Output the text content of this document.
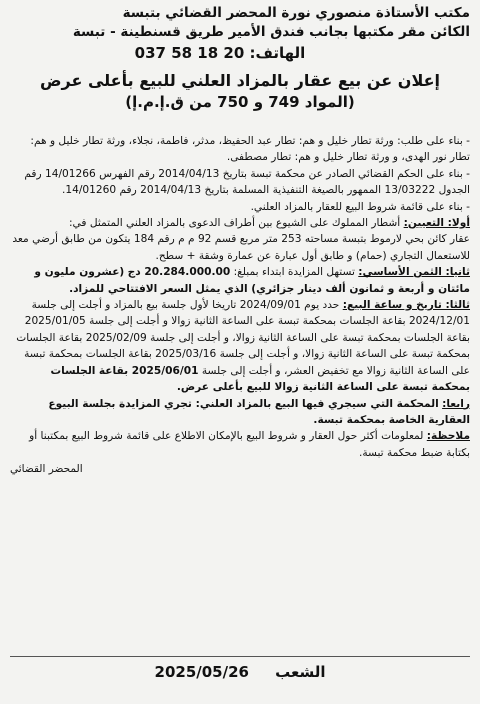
مكتب الأستاذة منصوري نورة المحضر القضائي بتبسة
الكائن مقر مكتبها بجانب فندق الأمير طريق قسنطينة - تبسة
الهاتف: 037 58 18 20
إعلان عن بيع عقار بالمزاد العلني للبيع بأعلى عرض
(المواد 749 و 750 من ق.إ.م.إ)

- بناء على طلب: ورثة تطار خليل و هم: تطار عبد الحفيظ، مدثر، فاطمة، نجلاء، ورثة تطار خليل و هم: تطار نور الهدى، و ورثة تطار خليل و هم: تطار مصطفى.

- بناء على الحكم القضائي الصادر عن محكمة تبسة بتاريخ 2014/04/13 رقم الفهرس 14/01266 رقم الجدول 13/03222 الممهور بالصيغة التنفيذية المسلمة بتاريخ 2014/04/13 رقم 14/01260.

- بناء على قائمة شروط البيع للعقار بالمزاد العلني.

أولا: التعيين: أشطار المملوك على الشيوع بين أطراف الدعوى بالمزاد العلني المتمثل في:

عقار كائن بحي لارموط بتبسة مساحته 253 متر مربع قسم 92 م م رقم 184 يتكون من طابق أرضي معد للاستعمال التجاري (حمام) و طابق أول عبارة عن عمارة وشقة + سطح.

ثانيا: الثمن الأساسي: تستهل المزايدة ابتداء بمبلغ: 20.284.000.00 دج (عشرون مليون و مائتان و أربعة و ثمانون ألف دينار جزائري) الذي يمثل السعر الافتتاحي للمزاد.

ثالثا: تاريخ و ساعة البيع: حدد يوم 2024/09/01 تاريخا لأول جلسة بيع بالمزاد و أجلت إلى جلسة 2024/12/01 بقاعة الجلسات بمحكمة تبسة على الساعة الثانية زوالا و أجلت إلى جلسة 2025/01/05 بقاعة الجلسات بمحكمة تبسة على الساعة الثانية زوالا، و أجلت إلى جلسة 2025/02/09 بقاعة الجلسات بمحكمة تبسة على الساعة الثانية زوالا، و أجلت إلى جلسة 2025/03/16 بقاعة الجلسات بمحكمة تبسة على الساعة الثانية زوالا مع تخفيض العشر، و أجلت إلى جلسة 2025/06/01 بقاعة الجلسات بمحكمة تبسة على الساعة الثانية زوالا للبيع بأعلى عرض.

رابعا: المحكمة التي سيجري فيها البيع بالمزاد العلني: تجري المزايدة بجلسة البيوع العقارية الخاصة بمحكمة تبسة.

ملاحظة: لمعلومات أكثر حول العقار و شروط البيع بالإمكان الاطلاع على قائمة شروط البيع بمكتبنا أو بكتابة ضبط محكمة تبسة.

المحضر القضائي
الشعب     2025/05/26
